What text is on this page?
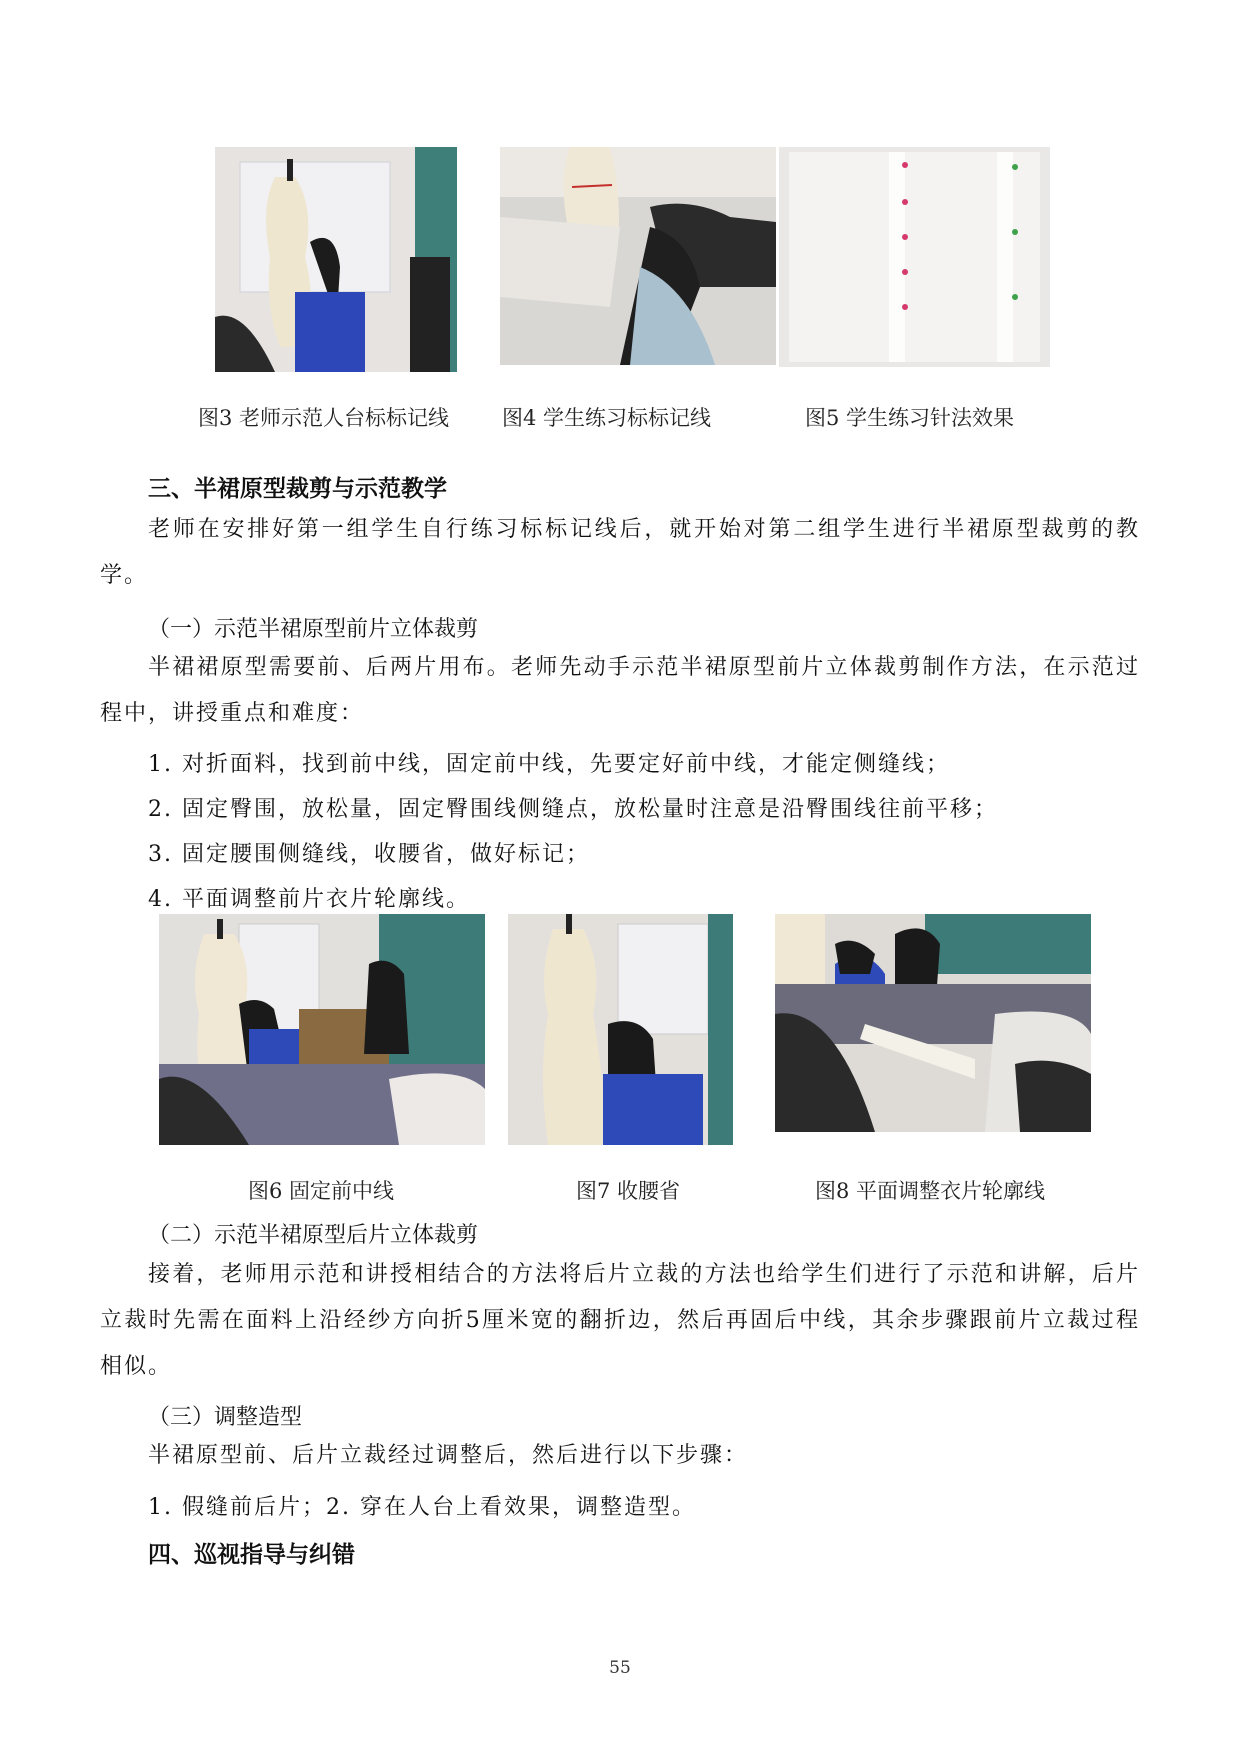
图3 老师示范人台标标记线	图4 学生练习标标记线	图5 学生练习针法效果
三、半裙原型裁剪与示范教学
老师在安排好第一组学生自行练习标标记线后，就开始对第二组学生进行半裙原型裁剪的教学。
（一）示范半裙原型前片立体裁剪
半裙裙原型需要前、后两片用布。老师先动手示范半裙原型前片立体裁剪制作方法，在示范过程中，讲授重点和难度：
1. 对折面料，找到前中线，固定前中线，先要定好前中线，才能定侧缝线；
2. 固定臀围，放松量，固定臀围线侧缝点，放松量时注意是沿臀围线往前平移；
3. 固定腰围侧缝线，收腰省，做好标记；
4. 平面调整前片衣片轮廓线。
图6 固定前中线	图7 收腰省	图8 平面调整衣片轮廓线
（二）示范半裙原型后片立体裁剪
接着，老师用示范和讲授相结合的方法将后片立裁的方法也给学生们进行了示范和讲解，后片立裁时先需在面料上沿经纱方向折5厘米宽的翻折边，然后再固后中线，其余步骤跟前片立裁过程相似。
（三）调整造型
半裙原型前、后片立裁经过调整后，然后进行以下步骤：
1. 假缝前后片；2. 穿在人台上看效果，调整造型。
四、巡视指导与纠错
55
